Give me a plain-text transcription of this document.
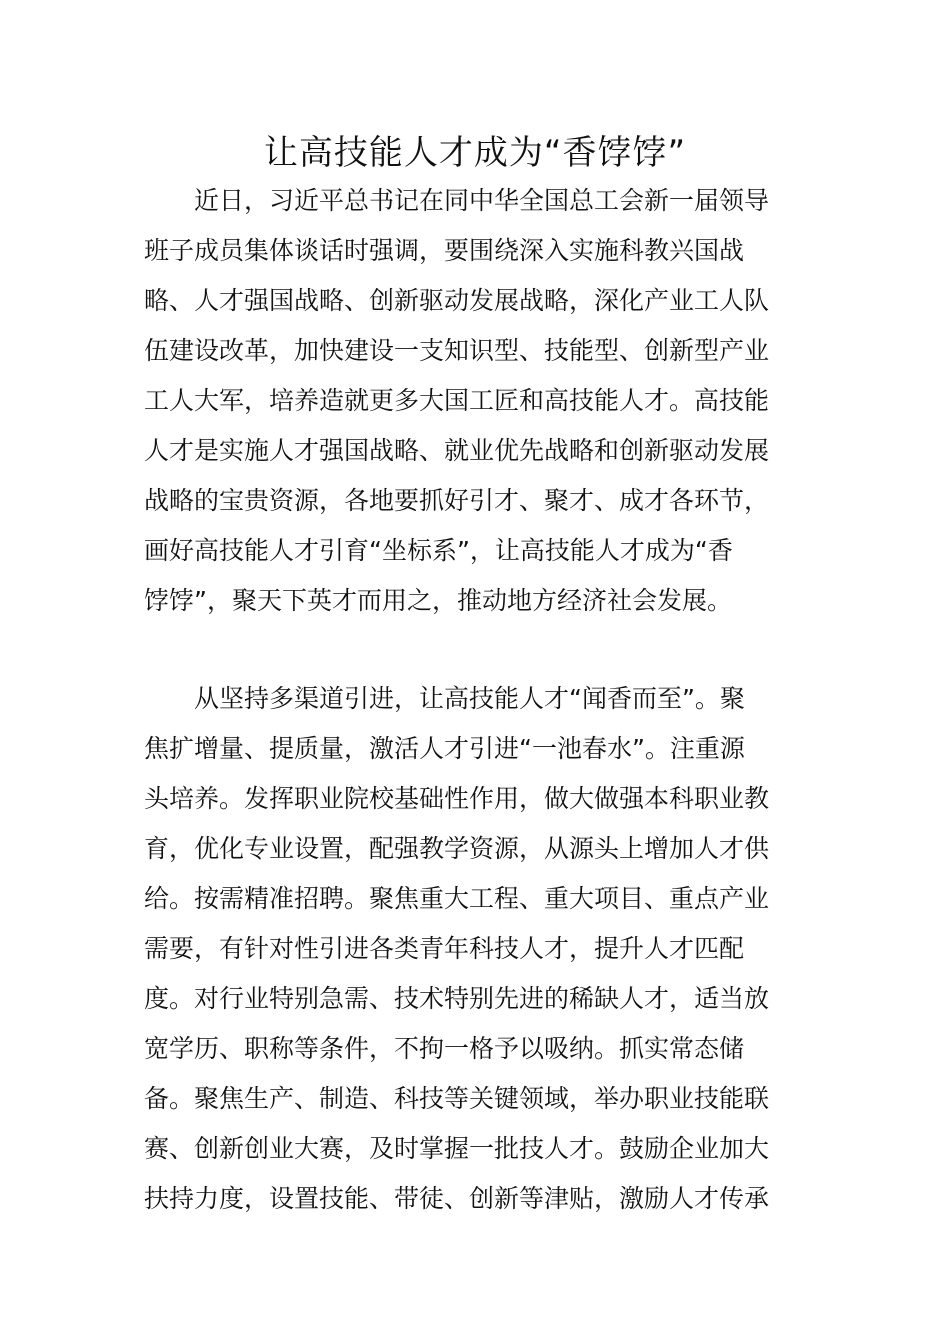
让高技能人才成为“香饽饽”
　　近日，习近平总书记在同中华全国总工会新一届领导
班子成员集体谈话时强调，要围绕深入实施科教兴国战
略、人才强国战略、创新驱动发展战略，深化产业工人队
伍建设改革，加快建设一支知识型、技能型、创新型产业
工人大军，培养造就更多大国工匠和高技能人才。高技能
人才是实施人才强国战略、就业优先战略和创新驱动发展
战略的宝贵资源，各地要抓好引才、聚才、成才各环节，
画好高技能人才引育“坐标系”，让高技能人才成为“香
饽饽”，聚天下英才而用之，推动地方经济社会发展。
　　从坚持多渠道引进，让高技能人才“闻香而至”。聚
焦扩增量、提质量，激活人才引进“一池春水”。注重源
头培养。发挥职业院校基础性作用，做大做强本科职业教
育，优化专业设置，配强教学资源，从源头上增加人才供
给。按需精准招聘。聚焦重大工程、重大项目、重点产业
需要，有针对性引进各类青年科技人才，提升人才匹配
度。对行业特别急需、技术特别先进的稀缺人才，适当放
宽学历、职称等条件，不拘一格予以吸纳。抓实常态储
备。聚焦生产、制造、科技等关键领域，举办职业技能联
赛、创新创业大赛，及时掌握一批技人才。鼓励企业加大
扶持力度，设置技能、带徒、创新等津贴，激励人才传承
